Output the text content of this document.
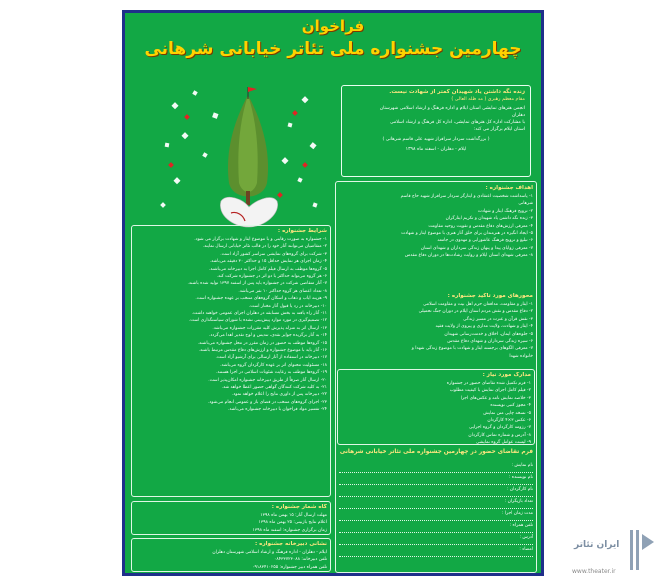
فراخوان
چهارمین جشنواره ملی تئاتر خیابانی شرهانی
زنده نگه داشتن یاد شهیدان کمتر از شهادت نیست.
مقام معظم رهبری ( مد ظله العالی )
انجمن هنرهای نمایشی استان ایلام و اداره فرهنگ و ارشاد اسلامی شهرستان
دهلران
با مشارکت اداره کل هنرهای نمایشی، اداره کل فرهنگ و ارشاد اسلامی
استان ایلام برگزار می کند:
( بزرگداشت سردار سرافراز شهید علی قاسم شرهانی )
ایلام - دهلران - اسفند ماه ۱۳۹۸
اهداف جشنواره :

۱- پاسداشت شخصیت اعتقادی و ایثارگر سردار سرافراز شهید حاج قاسم

شرهانی

۲- ترویج فرهنگ ایثار و شهادت

۳- زنده نگه داشتن یاد شهیدان و تکریم ایثارگران

۴- معرفی ارزش‌های دفاع مقدس و تقویت روحیه مقاومت

۵- ایجاد انگیزه در هنرمندان برای خلق آثار هنری با موضوع ایثار و شهادت

۶- تبلیغ و ترویج فرهنگ عاشورایی و مهدوی در جامعه

۷- معرفی زوایای پیدا و پنهان زندگی سرداران و شهدای استان

۸- معرفی شهدای استان ایلام و روایت رشادت‌ها در دوران دفاع مقدس

محورهای مورد تاکید جشنواره :

۱- ایثار و مقاومت، مدافعان حرم اهل بیت و مقاومت اسلامی

۲- دفاع مقدس و نقش مردم استان ایلام در دوران جنگ تحمیلی

۳- نقش قرآن و عترت در مسیر زندگی

۴- ایثار و شهادت، ولایت مداری و پیروی از ولایت فقیه

۵- جلوه‌های ایمان، اخلاق و خدمت‌رسانی شهیدان

۶- سیره زندگی سرداران و شهدای دفاع مقدس

۷- معرفی الگوهای برجسته ایثار و شهادت با موضوع زندگی شهدا و

خانواده شهدا

مدارک مورد نیاز :

۱- فرم تکمیل شده تقاضای حضور در جشنواره

۲- فیلم کامل اجرای نمایش با کیفیت مطلوب

۳- خلاصه نمایش نامه و عکس‌های اجرا

۴- مجوز کتبی نویسنده

۵- نسخه چاپی متن نمایش

۶- عکس ۳×۴ کارگردان

۷- رزومه کارگردان و گروه اجرایی

۸- آدرس و شماره تماس کارگردان

۹- لیست عوامل گروه نمایشی

فرم تقاضای حضور در چهارمین جشنواره ملی تئاتر خیابانی شرهانی
نام نمایش :
نام نویسنده :
نام کارگردان :
تعداد بازیگران :
مدت زمان اجرا :
تلفن همراه :
آدرس :
امضاء :
شرایط جشنواره :

۱- جشنواره به صورت رقابتی و با موضوع ایثار و شهادت برگزار می شود.

۲- متقاضیان می‌توانند آثار خود را در قالب تئاتر خیابانی ارسال نمایند.

۳- شرکت برای گروه‌های نمایشی سراسر کشور آزاد است.

۴- زمان اجرای هر نمایش حداقل ۱۵ و حداکثر ۳۰ دقیقه می‌باشد.

۵- گروه‌ها موظف به ارسال فیلم کامل اجرا به دبیرخانه می‌باشند.

۶- هر گروه می‌تواند حداکثر با دو اثر در جشنواره شرکت کند.

۷- آثار متقاضی شرکت در جشنواره باید پس از اسفند ۱۳۹۷ تولید شده باشند.

۸- تعداد اعضای هر گروه حداکثر ۱۰ نفر می‌باشد.

۹- هزینه ایاب و ذهاب و اسکان گروه‌های منتخب بر عهده جشنواره است.

۱۰- دبیرخانه در رد یا قبول آثار مختار است.

۱۱- آثار راه یافته به بخش مسابقه در دهلران اجرای عمومی خواهند داشت.

۱۲- تصمیم‌گیری در مورد موارد پیش‌بینی نشده با شورای سیاستگذاری است.

۱۳- ارسال اثر به منزله پذیرش کلیه مقررات جشنواره می‌باشد.

۱۴- به آثار برگزیده جوایز نقدی، تندیس و لوح تقدیر اهدا می‌گردد.

۱۵- گروه‌ها موظف به حضور در زمان مقرر در محل جشنواره می‌باشند.

۱۶- آثار باید با موضوع جشنواره و ارزش‌های دفاع مقدس مرتبط باشند.

۱۷- دبیرخانه در استفاده از آثار ارسالی برای آرشیو آزاد است.

۱۸- مسئولیت محتوای اثر بر عهده کارگردان گروه می‌باشد.

۱۹- گروه‌ها موظف به رعایت شئونات اسلامی در اجرا هستند.

۲۰- ارسال آثار صرفاً از طریق دبیرخانه جشنواره امکان‌پذیر است.

۲۱- به کلیه شرکت کنندگان گواهی حضور اعطا خواهد شد.

۲۲- دبیرخانه پس از داوری نتایج را اعلام خواهد نمود.

۲۳- اجرای گروه‌های منتخب در فضای باز و عمومی انجام می‌شود.

۲۴- تفسیر مواد فراخوان با دبیرخانه جشنواره می‌باشد.

گاه شمار جشنواره :

مهلت ارسال آثار: ۱۵ بهمن ماه ۱۳۹۸

اعلام نتایج بازبینی: ۲۵ بهمن ماه ۱۳۹۸

زمان برگزاری جشنواره: اسفند ماه ۱۳۹۸

نشانی دبیرخانه جشنواره :

ایلام - دهلران - اداره فرهنگ و ارشاد اسلامی شهرستان دهلران

تلفن دبیرخانه: ۰۸۴۳۳۷۲۳۰۸۸

تلفن همراه دبیر جشنواره: ۰۹۱۸۳۴۱۰۲۵۵

ایران تئاتر
www.theater.ir
